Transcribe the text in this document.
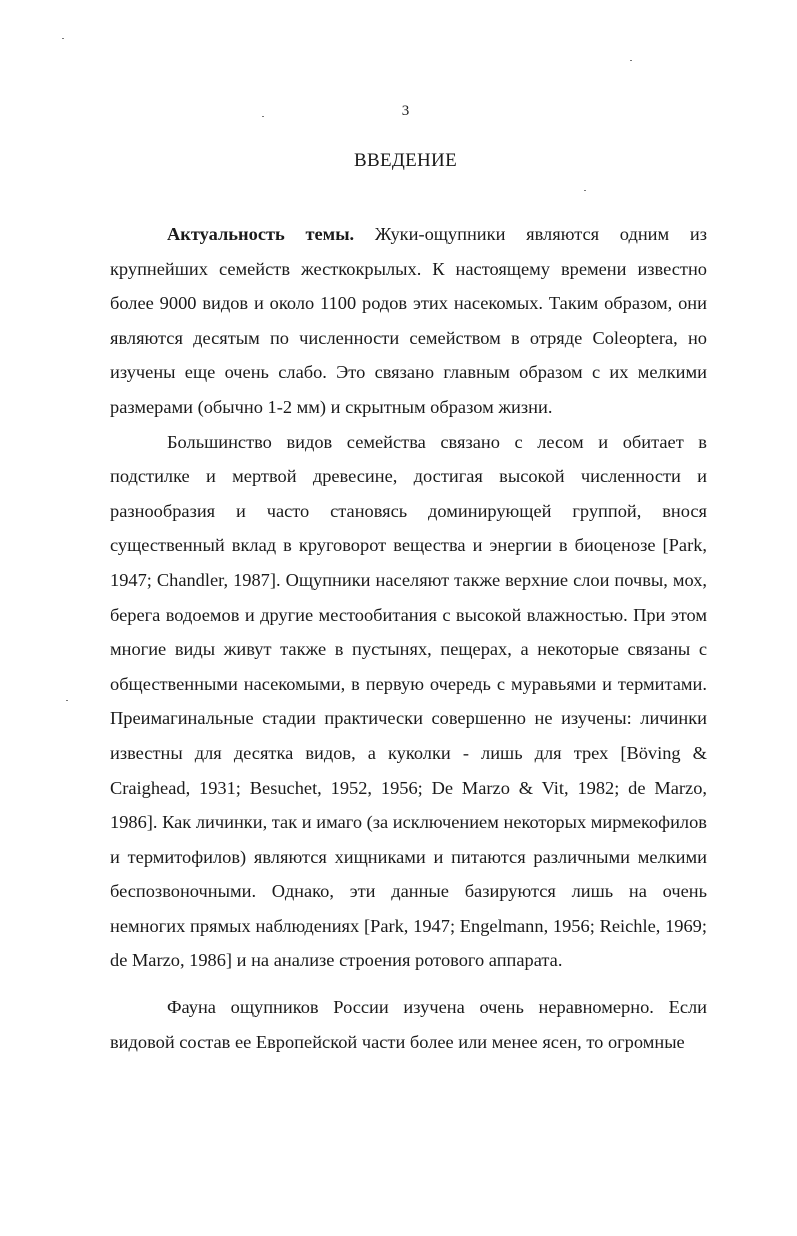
3
ВВЕДЕНИЕ

Актуальность темы. Жуки-ощупники являются одним из крупнейших семейств жесткокрылых. К настоящему времени известно более 9000 видов и около 1100 родов этих насекомых. Таким образом, они являются десятым по численности семейством в отряде Coleoptera, но изучены еще очень слабо. Это связано главным образом с их мелкими размерами (обычно 1-2 мм) и скрытным образом жизни.

Большинство видов семейства связано с лесом и обитает в подстилке и мертвой древесине, достигая высокой численности и разнообразия и часто становясь доминирующей группой, внося существенный вклад в круговорот вещества и энергии в биоценозе [Park, 1947; Chandler, 1987]. Ощупники населяют также верхние слои почвы, мох, берега водоемов и другие местообитания с высокой влажностью. При этом многие виды живут также в пустынях, пещерах, а некоторые связаны с общественными насекомыми, в первую очередь с муравьями и термитами. Преимагинальные стадии практически совершенно не изучены: личинки известны для десятка видов, а куколки - лишь для трех [Böving & Craighead, 1931; Besuchet, 1952, 1956; De Marzo & Vit, 1982; de Marzo, 1986]. Как личинки, так и имаго (за исключением некоторых мирмекофилов и термитофилов) являются хищниками и питаются различными мелкими беспозвоночными. Однако, эти данные базируются лишь на очень немногих прямых наблюдениях [Park, 1947; Engelmann, 1956; Reichle, 1969; de Marzo, 1986] и на анализе строения ротового аппарата.

Фауна ощупников России изучена очень неравномерно. Если видовой состав ее Европейской части более или менее ясен, то огромные
